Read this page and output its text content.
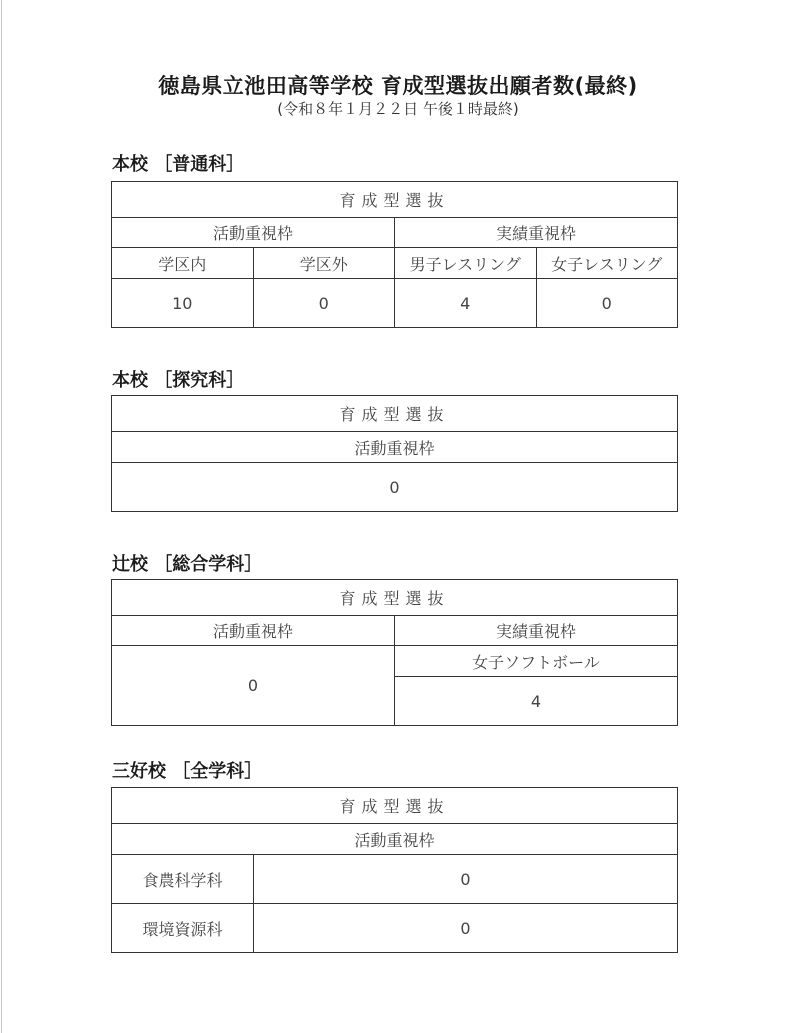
徳島県立池田高等学校 育成型選抜出願者数(最終)
(令和８年１月２２日 午後１時最終)
本校 ［普通科］
育成型選抜			
活動重視枠		実績重視枠	
学区内	学区外	男子レスリング	女子レスリング
10	0	4	0
本校 ［探究科］
育成型選抜
活動重視枠
0
辻校 ［総合学科］
育成型選抜	
活動重視枠	実績重視枠
0	女子ソフトボール
	4
三好校 ［全学科］
育成型選抜	
活動重視枠	
食農科学科	0
環境資源科	0
